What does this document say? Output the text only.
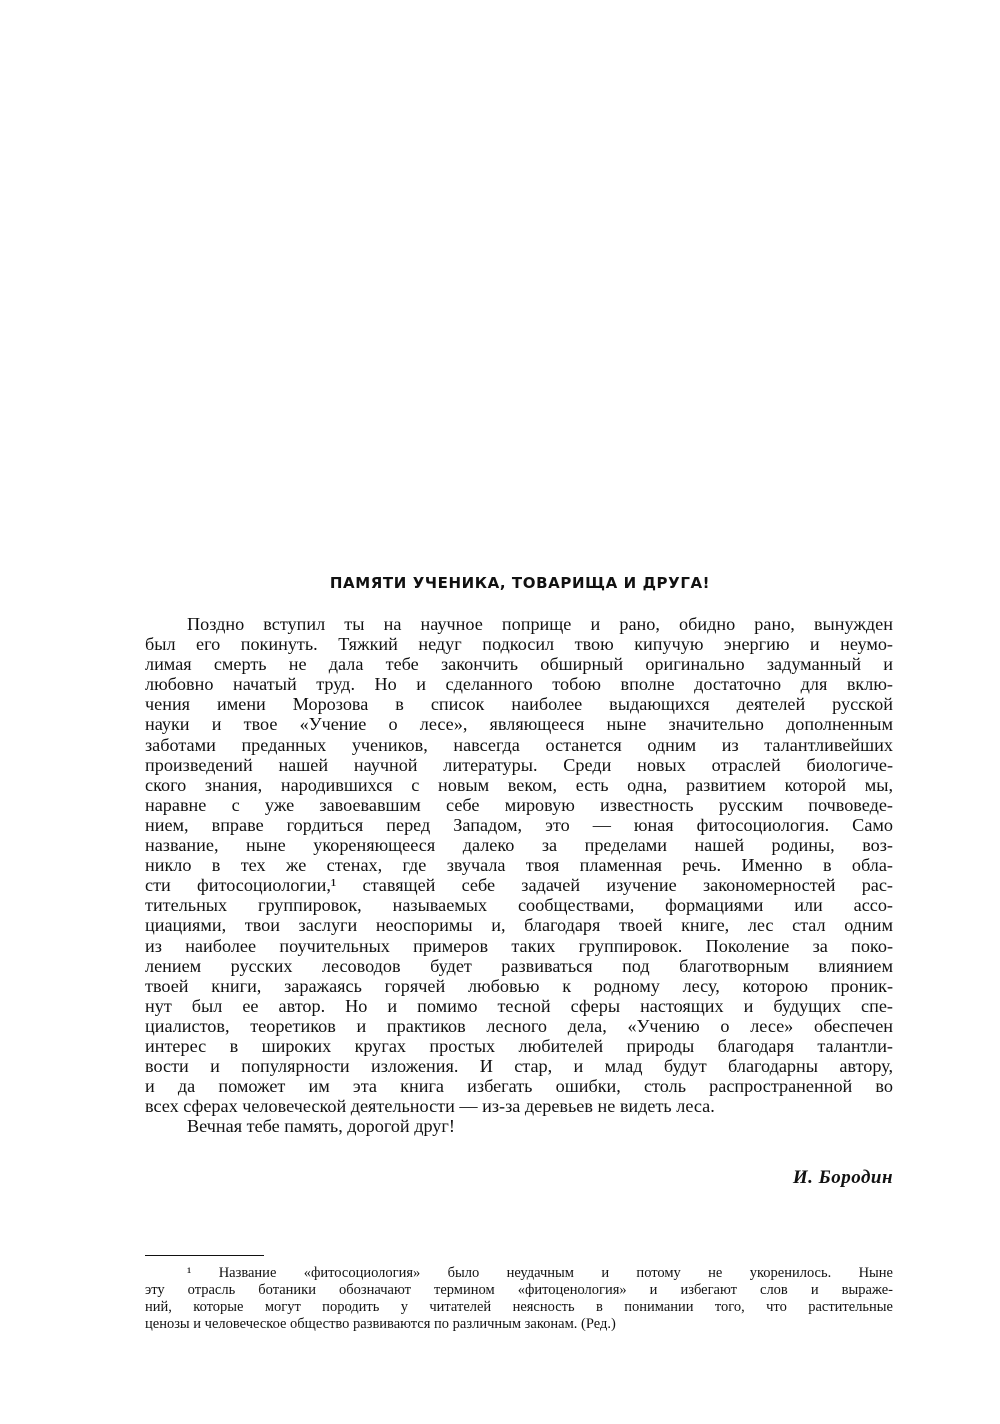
ПАМЯТИ УЧЕНИКА, ТОВАРИЩА И ДРУГА!
Поздно вступил ты на научное поприще и рано, обидно рано, вынужден
был его покинуть. Тяжкий недуг подкосил твою кипучую энергию и неумо-
лимая смерть не дала тебе закончить обширный оригинально задуманный и
любовно начатый труд. Но и сделанного тобою вполне достаточно для вклю-
чения имени Морозова в список наиболее выдающихся деятелей русской
науки и твое «Учение о лесе», являющееся ныне значительно дополненным
заботами преданных учеников, навсегда останется одним из талантливейших
произведений нашей научной литературы. Среди новых отраслей биологиче-
ского знания, народившихся с новым веком, есть одна, развитием которой мы,
наравне с уже завоевавшим себе мировую известность русским почвоведе-
нием, вправе гордиться перед Западом, это — юная фитосоциология. Само
название, ныне укореняющееся далеко за пределами нашей родины, воз-
никло в тех же стенах, где звучала твоя пламенная речь. Именно в обла-
сти фитосоциологии,¹ ставящей себе задачей изучение закономерностей рас-
тительных группировок, называемых сообществами, формациями или ассо-
циациями, твои заслуги неоспоримы и, благодаря твоей книге, лес стал одним
из наиболее поучительных примеров таких группировок. Поколение за поко-
лением русских лесоводов будет развиваться под благотворным влиянием
твоей книги, заражаясь горячей любовью к родному лесу, которою проник-
нут был ее автор. Но и помимо тесной сферы настоящих и будущих спе-
циалистов, теоретиков и практиков лесного дела, «Учению о лесе» обеспечен
интерес в широких кругах простых любителей природы благодаря талантли-
вости и популярности изложения. И стар, и млад будут благодарны автору,
и да поможет им эта книга избегать ошибки, столь распространенной во
всех сферах человеческой деятельности — из-за деревьев не видеть леса.
Вечная тебе память, дорогой друг!

И. Бородин

¹ Название «фитосоциология» было неудачным и потому не укоренилось. Ныне
эту отрасль ботаники обозначают термином «фитоценология» и избегают слов и выраже-
ний, которые могут породить у читателей неясность в понимании того, что растительные
ценозы и человеческое общество развиваются по различным законам. (Ред.)
